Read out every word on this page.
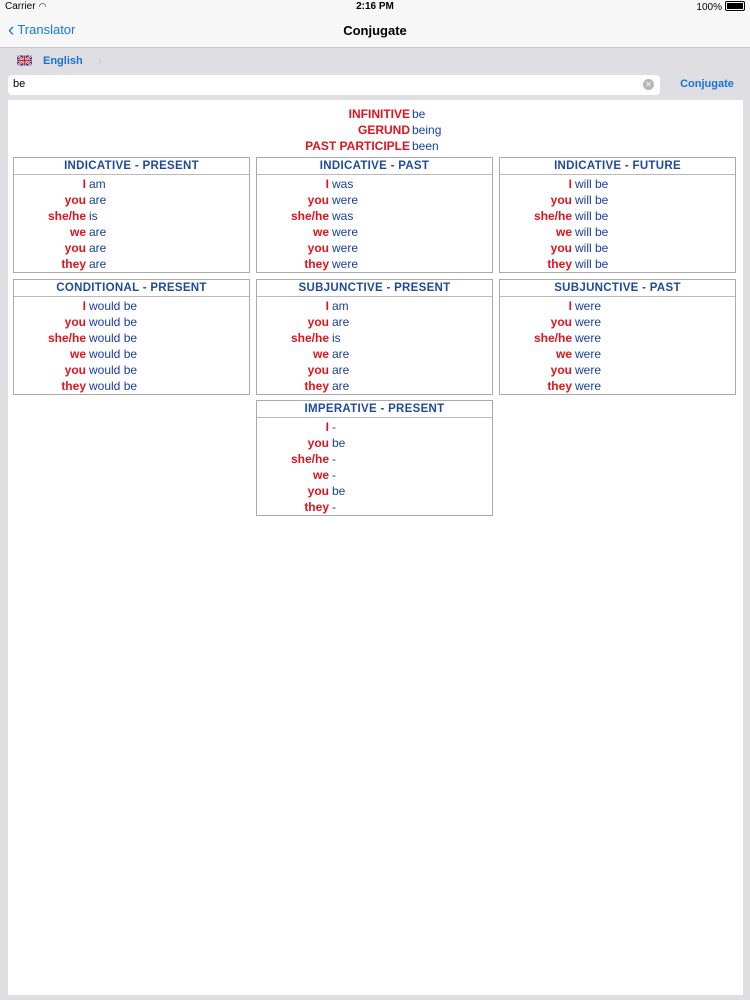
Carrier ◠	2:16 PM	100%
‹ Translator	Conjugate
English ›
be	✕	Conjugate
INFINITIVE be
GERUND being
PAST PARTICIPLE been
INDICATIVE - PRESENT
I am
you are
she/he is
we are
you are
they are
INDICATIVE - PAST
I was
you were
she/he was
we were
you were
they were
INDICATIVE - FUTURE
I will be
you will be
she/he will be
we will be
you will be
they will be
CONDITIONAL - PRESENT
I would be
you would be
she/he would be
we would be
you would be
they would be
SUBJUNCTIVE - PRESENT
I am
you are
she/he is
we are
you are
they are
SUBJUNCTIVE - PAST
I were
you were
she/he were
we were
you were
they were
IMPERATIVE - PRESENT
I -
you be
she/he -
we -
you be
they -
